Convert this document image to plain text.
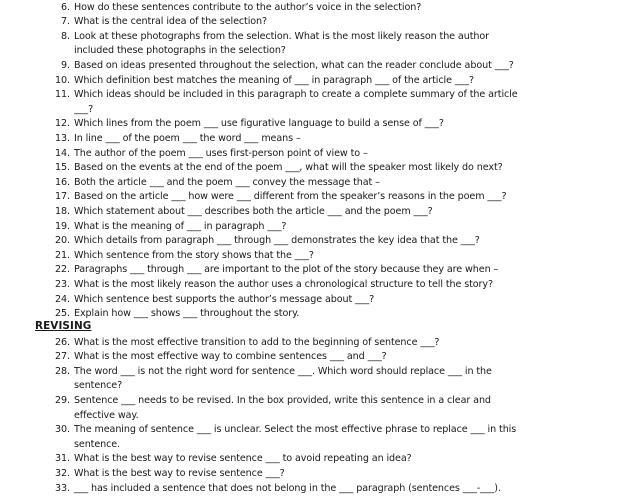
6. How do these sentences contribute to the author’s voice in the selection?
7. What is the central idea of the selection?
8. Look at these photographs from the selection. What is the most likely reason the author
included these photographs in the selection?
9. Based on ideas presented throughout the selection, what can the reader conclude about ___?
10. Which definition best matches the meaning of ___ in paragraph ___ of the article ___?
11. Which ideas should be included in this paragraph to create a complete summary of the article
___?
12. Which lines from the poem ___ use figurative language to build a sense of ___?
13. In line ___ of the poem ___ the word ___ means –
14. The author of the poem ___ uses first-person point of view to –
15. Based on the events at the end of the poem ___, what will the speaker most likely do next?
16. Both the article ___ and the poem ___ convey the message that –
17. Based on the article ___ how were ___ different from the speaker’s reasons in the poem ___?
18. Which statement about ___ describes both the article ___ and the poem ___?
19. What is the meaning of ___ in paragraph ___?
20. Which details from paragraph ___ through ___ demonstrates the key idea that the ___?
21. Which sentence from the story shows that the ___?
22. Paragraphs ___ through ___ are important to the plot of the story because they are when –
23. What is the most likely reason the author uses a chronological structure to tell the story?
24. Which sentence best supports the author’s message about ___?
25. Explain how ___ shows ___ throughout the story.
REVISING
26. What is the most effective transition to add to the beginning of sentence ___?
27. What is the most effective way to combine sentences ___ and ___?
28. The word ___ is not the right word for sentence ___. Which word should replace ___ in the
sentence?
29. Sentence ___ needs to be revised. In the box provided, write this sentence in a clear and
effective way.
30. The meaning of sentence ___ is unclear. Select the most effective phrase to replace ___ in this
sentence.
31. What is the best way to revise sentence ___ to avoid repeating an idea?
32. What is the best way to revise sentence ___?
33. ___ has included a sentence that does not belong in the ___ paragraph (sentences ___-___).
